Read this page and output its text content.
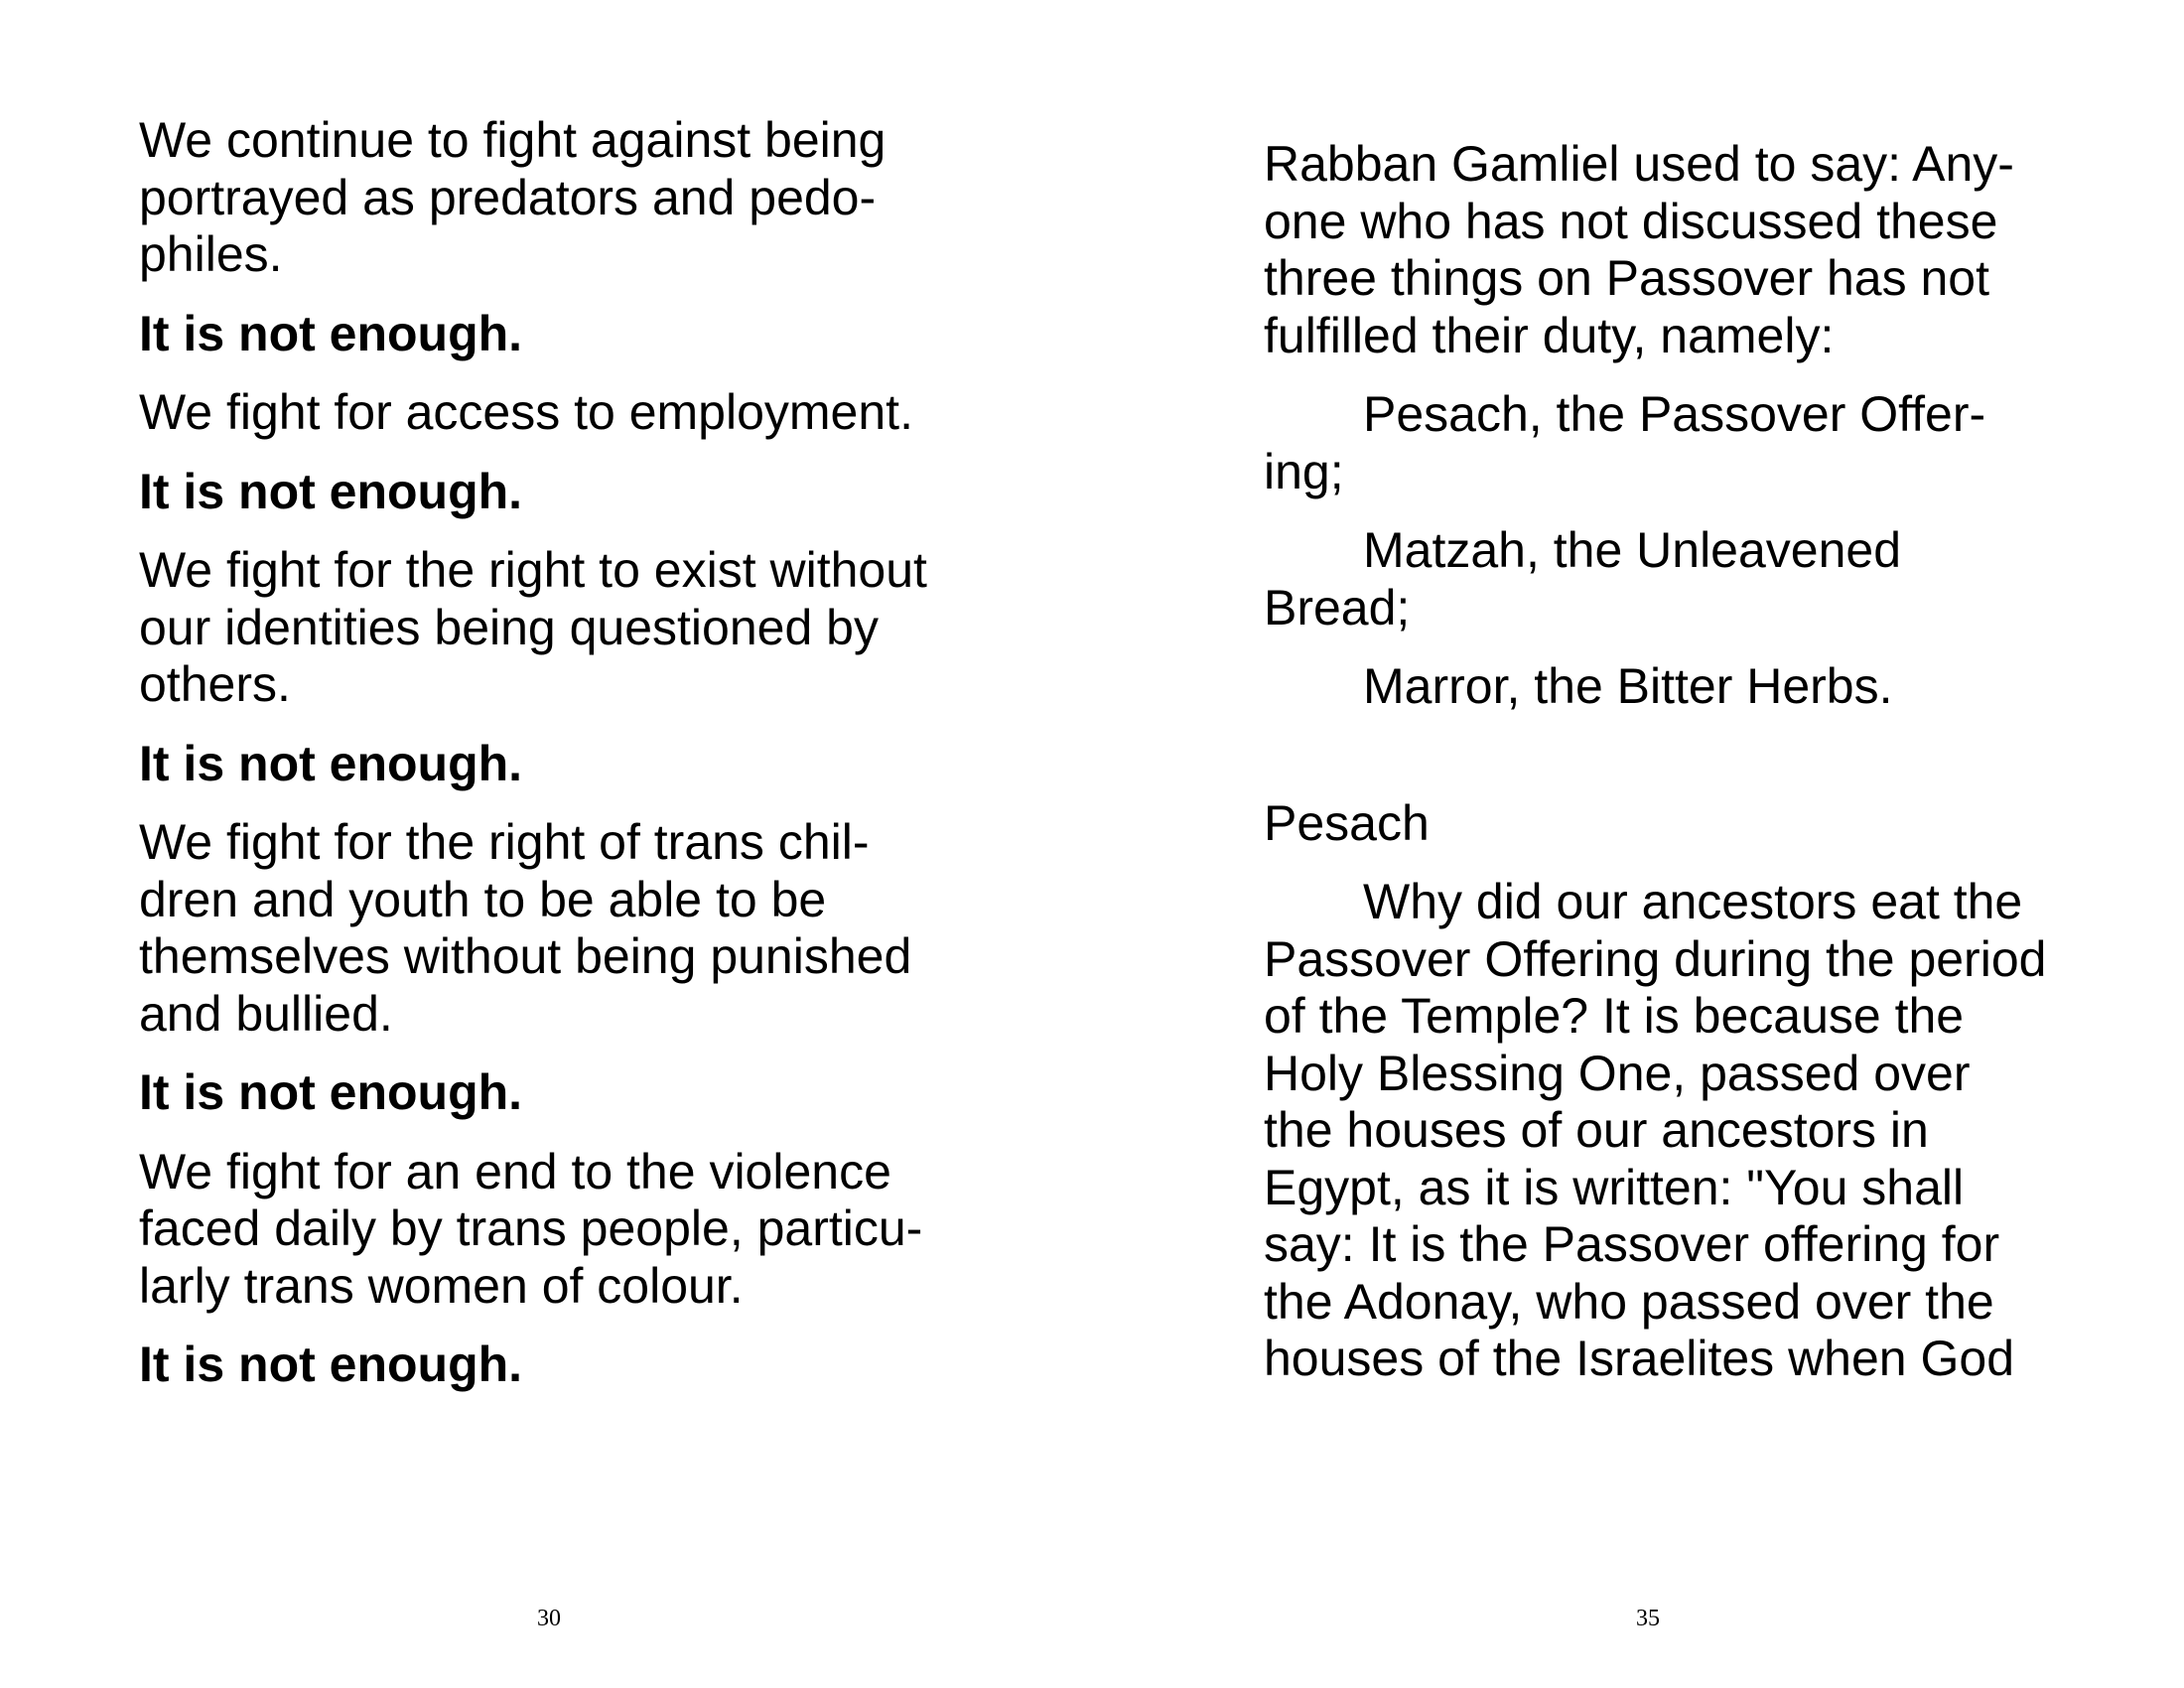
We continue to fight against being
portrayed as predators and pedo-
philes.

It is not enough.

We fight for access to employment.

It is not enough.

We fight for the right to exist without
our identities being questioned by
others.

It is not enough.

We fight for the right of trans chil-
dren and youth to be able to be
themselves without being punished
and bullied.

It is not enough.

We fight for an end to the violence
faced daily by trans people, particu-
larly trans women of colour.

It is not enough.

30

Rabban Gamliel used to say: Any-
one who has not discussed these
three things on Passover has not
fulfilled their duty, namely:

Pesach, the Passover Offer-
ing;

Matzah, the Unleavened
Bread;

Marror, the Bitter Herbs.

Pesach

Why did our ancestors eat the
Passover Offering during the period
of the Temple? It is because the
Holy Blessing One, passed over
the houses of our ancestors in
Egypt, as it is written: "You shall
say: It is the Passover offering for
the Adonay, who passed over the
houses of the Israelites when God

35
